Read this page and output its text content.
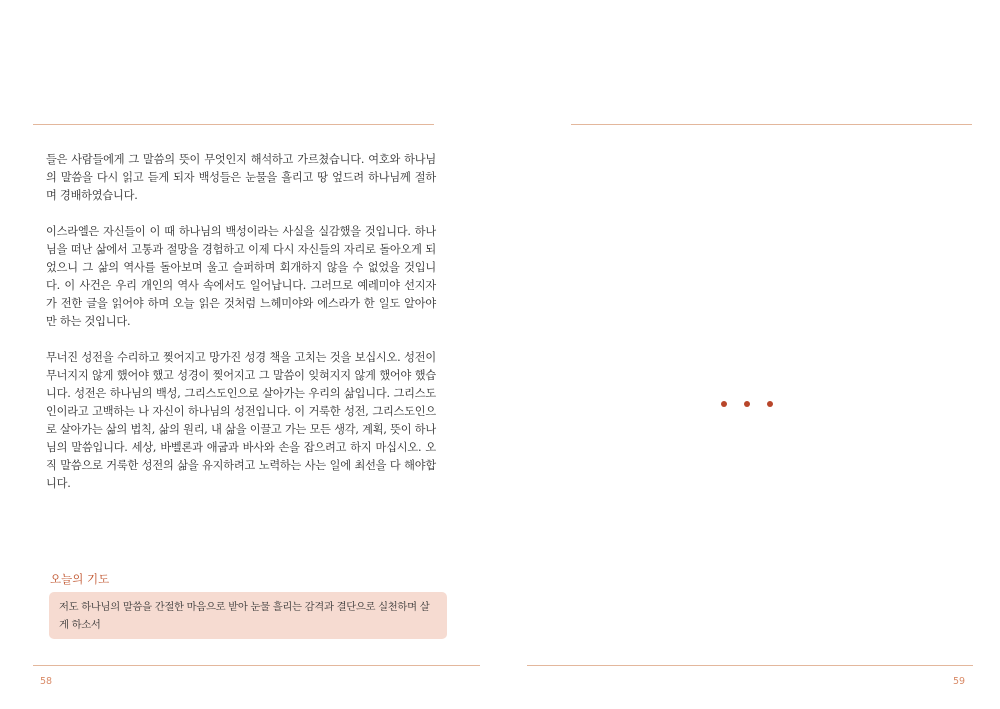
들은 사람들에게 그 말씀의 뜻이 무엇인지 해석하고 가르쳤습니다. 여호와 하나님의 말씀을 다시 읽고 듣게 되자 백성들은 눈물을 흘리고 땅 엎드려 하나님께 절하며 경배하였습니다.

이스라엘은 자신들이 이 때 하나님의 백성이라는 사실을 실감했을 것입니다. 하나님을 떠난 삶에서 고통과 절망을 경험하고 이제 다시 자신들의 자리로 돌아오게 되었으니 그 삶의 역사를 돌아보며 울고 슬퍼하며 회개하지 않을 수 없었을 것입니다. 이 사건은 우리 개인의 역사 속에서도 일어납니다. 그러므로 예레미야 선지자가 전한 글을 읽어야 하며 오늘 읽은 것처럼 느헤미야와 에스라가 한 일도 알아야만 하는 것입니다.

무너진 성전을 수리하고 찢어지고 망가진 성경 책을 고치는 것을 보십시오. 성전이 무너지지 않게 했어야 했고 성경이 찢어지고 그 말씀이 잊혀지지 않게 했어야 했습니다. 성전은 하나님의 백성, 그리스도인으로 살아가는 우리의 삶입니다. 그리스도인이라고 고백하는 나 자신이 하나님의 성전입니다. 이 거룩한 성전, 그리스도인으로 살아가는 삶의 법칙, 삶의 원리, 내 삶을 이끌고 가는 모든 생각, 계획, 뜻이 하나님의 말씀입니다. 세상, 바벨론과 애굽과 바사와 손을 잡으려고 하지 마십시오. 오직 말씀으로 거룩한 성전의 삶을 유지하려고 노력하는 사는 일에 최선을 다 해야합니다.

오늘의 기도
저도 하나님의 말씀을 간절한 마음으로 받아 눈물 흘리는 감격과 결단으로 실천하며 살게 하소서
58	59
